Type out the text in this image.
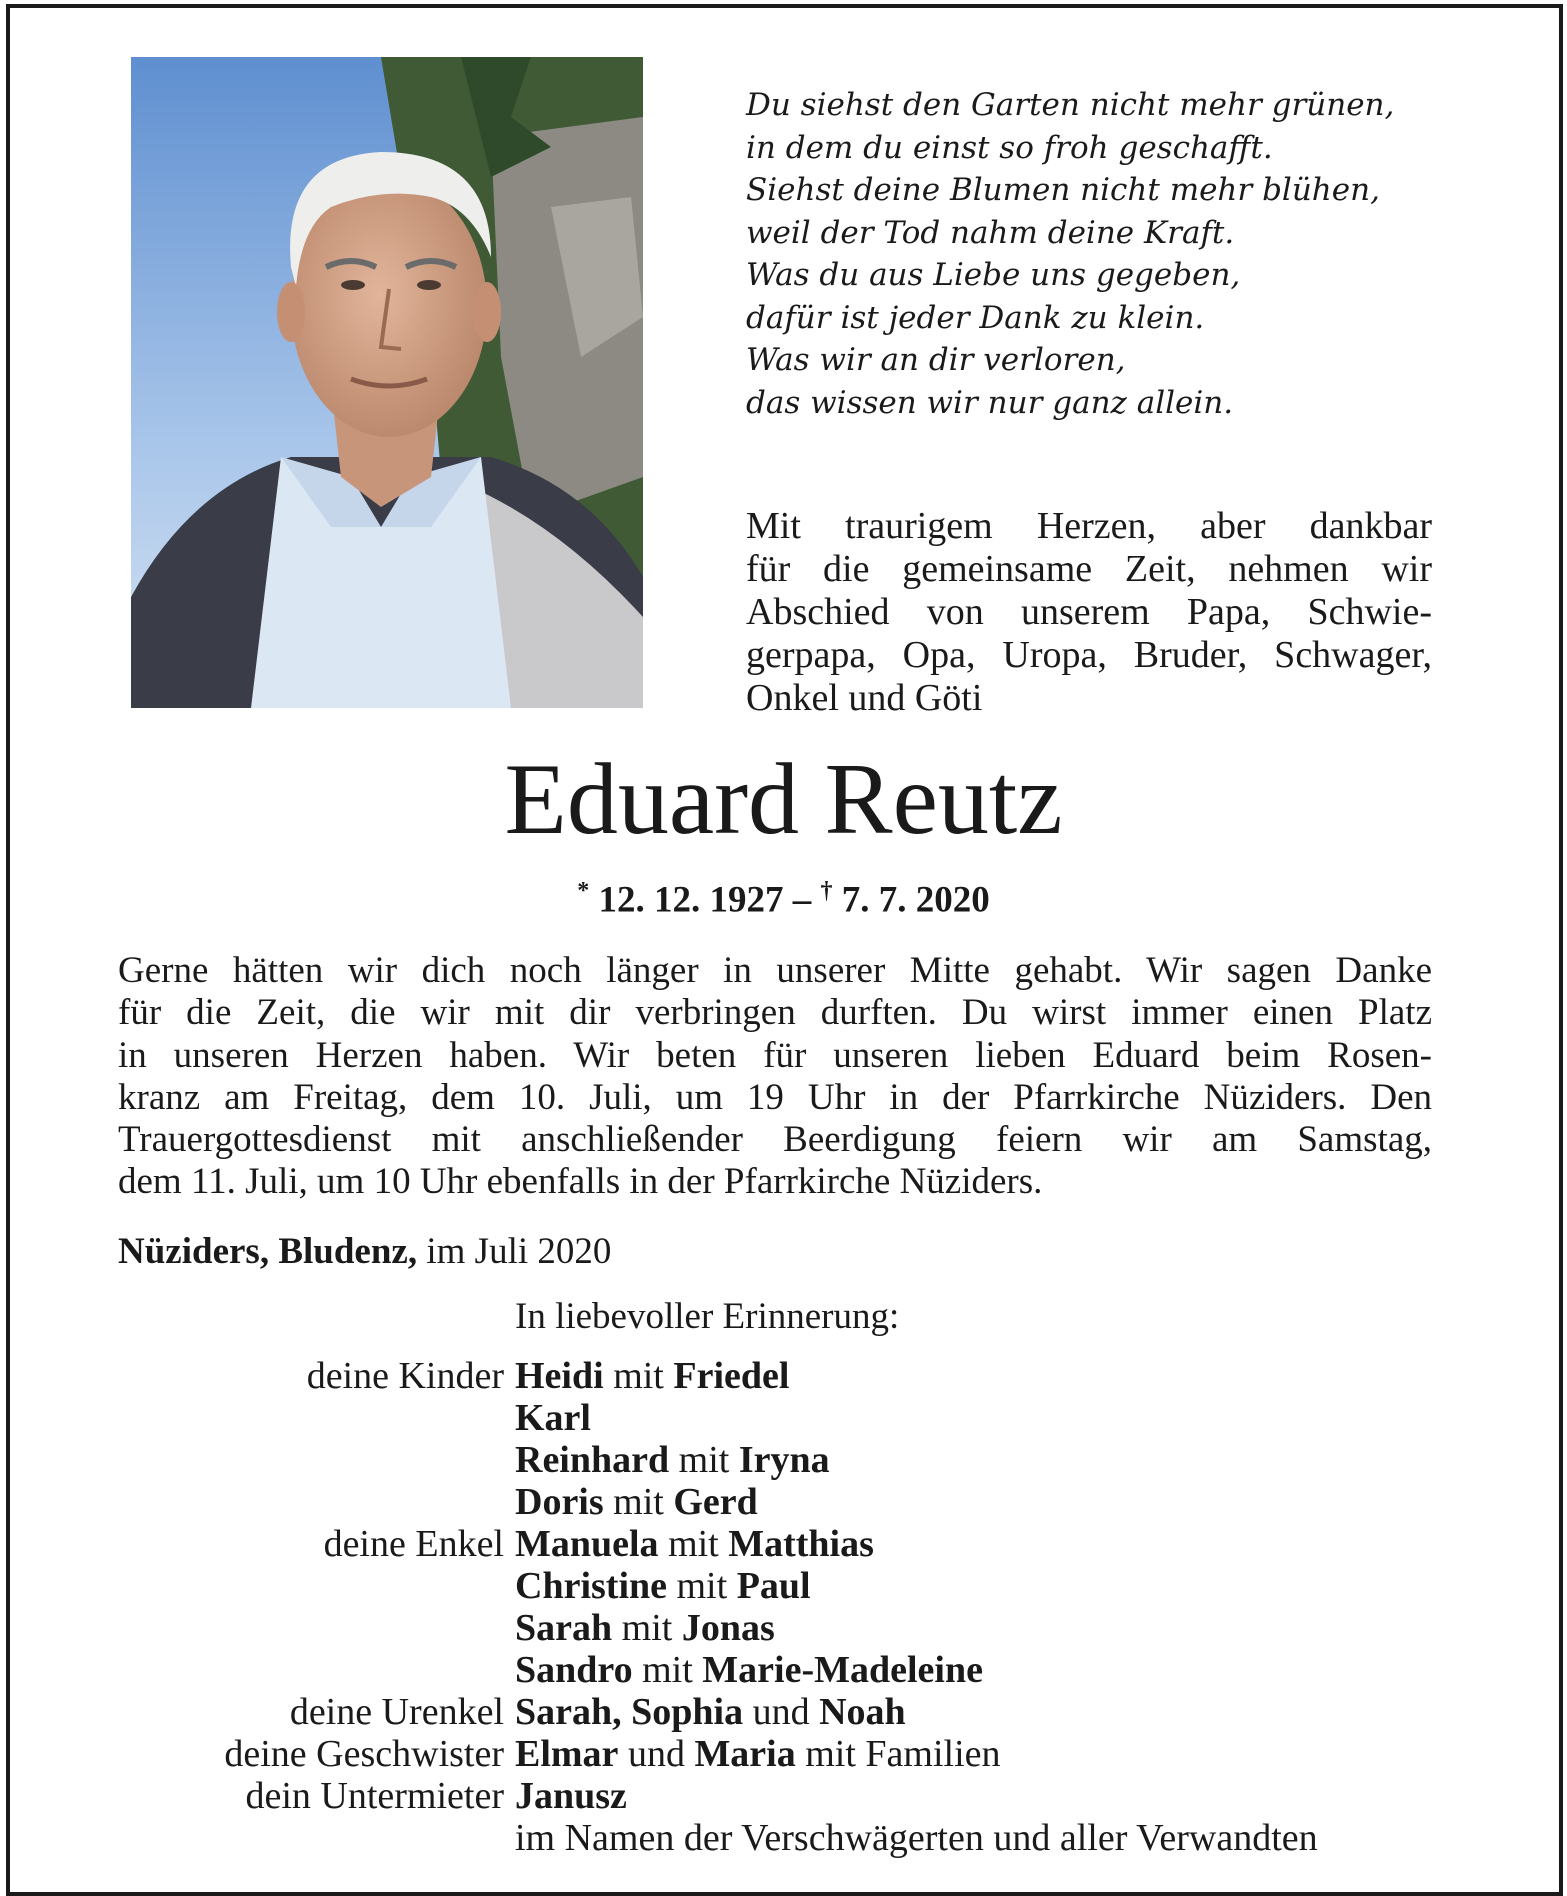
Du siehst den Garten nicht mehr grünen,
in dem du einst so froh geschafft.
Siehst deine Blumen nicht mehr blühen,
weil der Tod nahm deine Kraft.
Was du aus Liebe uns gegeben,
dafür ist jeder Dank zu klein.
Was wir an dir verloren,
das wissen wir nur ganz allein.
Mit traurigem Herzen, aber dankbar
für die gemeinsame Zeit, nehmen wir
Abschied von unserem Papa, Schwie-
gerpapa, Opa, Uropa, Bruder, Schwager,
Onkel und Göti
Eduard Reutz
* 12. 12. 1927 – † 7. 7. 2020
Gerne hätten wir dich noch länger in unserer Mitte gehabt. Wir sagen Danke
für die Zeit, die wir mit dir verbringen durften. Du wirst immer einen Platz
in unseren Herzen haben. Wir beten für unseren lieben Eduard beim Rosen-
kranz am Freitag, dem 10. Juli, um 19 Uhr in der Pfarrkirche Nüziders. Den
Trauergottesdienst mit anschließender Beerdigung feiern wir am Samstag,
dem 11. Juli, um 10 Uhr ebenfalls in der Pfarrkirche Nüziders.
Nüziders, Bludenz, im Juli 2020
In liebevoller Erinnerung:
deine Kinder Heidi mit Friedel
Karl
Reinhard mit Iryna
Doris mit Gerd
deine Enkel Manuela mit Matthias
Christine mit Paul
Sarah mit Jonas
Sandro mit Marie-Madeleine
deine Urenkel Sarah, Sophia und Noah
deine Geschwister Elmar und Maria mit Familien
dein Untermieter Janusz
im Namen der Verschwägerten und aller Verwandten
